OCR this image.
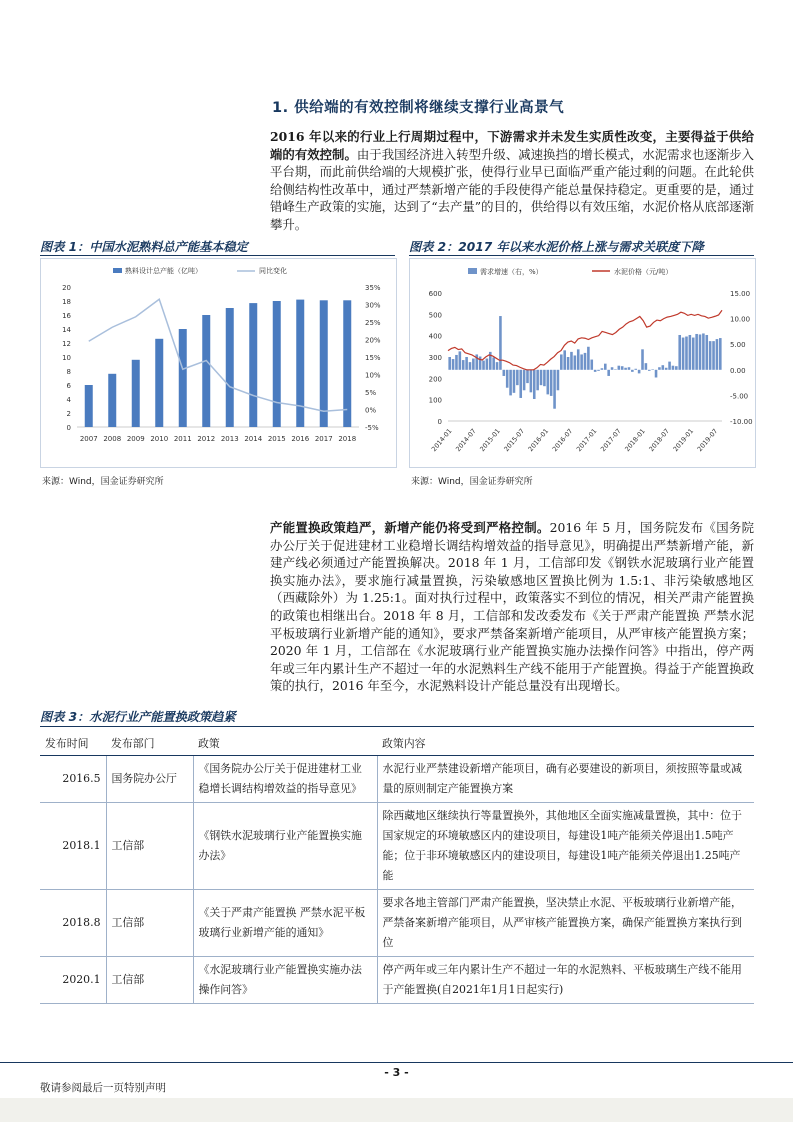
1. 供给端的有效控制将继续支撑行业高景气
2016 年以来的行业上行周期过程中，下游需求并未发生实质性改变，主要得益于供给端的有效控制。由于我国经济进入转型升级、减速换挡的增长模式，水泥需求也逐渐步入平台期，而此前供给端的大规模扩张，使得行业早已面临严重产能过剩的问题。在此轮供给侧结构性改革中，通过严禁新增产能的手段使得产能总量保持稳定。更重要的是，通过错峰生产政策的实施，达到了“去产量”的目的，供给得以有效压缩，水泥价格从底部逐渐攀升。
图表 1：中国水泥熟料总产能基本稳定
0
2
4
6
8
10
12
14
16
18
20
-5%
0%
5%
10%
15%
20%
25%
30%
35%
2007 2008 2009 2010 2011 2012 2013 2014 2015 2016 2017 2018
熟料设计总产能（亿吨）	同比变化
来源：Wind，国金证券研究所
图表 2：2017 年以来水泥价格上涨与需求关联度下降
0
100
200
300
400
500
600
-10.00
-5.00
0.00
5.00
10.00
15.00
2014-01 2014-07 2015-01 2015-07 2016-01 2016-07 2017-01 2017-07 2018-01 2018-07 2019-01 2019-07
需求增速（右，%）	水泥价格（元/吨）
来源：Wind，国金证券研究所
产能置换政策趋严，新增产能仍将受到严格控制。2016 年 5 月，国务院发布《国务院办公厅关于促进建材工业稳增长调结构增效益的指导意见》，明确提出严禁新增产能，新建产线必须通过产能置换解决。2018 年 1 月，工信部印发《钢铁水泥玻璃行业产能置换实施办法》，要求施行减量置换，污染敏感地区置换比例为 1.5:1、非污染敏感地区（西藏除外）为 1.25:1。面对执行过程中，政策落实不到位的情况，相关严肃产能置换的政策也相继出台。2018 年 8 月，工信部和发改委发布《关于严肃产能置换 严禁水泥平板玻璃行业新增产能的通知》，要求严禁备案新增产能项目，从严审核产能置换方案；2020 年 1 月，工信部在《水泥玻璃行业产能置换实施办法操作问答》中指出，停产两年或三年内累计生产不超过一年的水泥熟料生产线不能用于产能置换。得益于产能置换政策的执行，2016 年至今，水泥熟料设计产能总量没有出现增长。
图表 3：水泥行业产能置换政策趋紧
发布时间	发布部门	政策	政策内容
2016.5	国务院办公厅	《国务院办公厅关于促进建材工业稳增长调结构增效益的指导意见》	水泥行业严禁建设新增产能项目，确有必要建设的新项目，须按照等量或减量的原则制定产能置换方案
2018.1	工信部	《钢铁水泥玻璃行业产能置换实施办法》	除西藏地区继续执行等量置换外，其他地区全面实施减量置换，其中：位于国家规定的环境敏感区内的建设项目，每建设1吨产能须关停退出1.5吨产能；位于非环境敏感区内的建设项目，每建设1吨产能须关停退出1.25吨产能
2018.8	工信部	《关于严肃产能置换 严禁水泥平板玻璃行业新增产能的通知》	要求各地主管部门严肃产能置换，坚决禁止水泥、平板玻璃行业新增产能，严禁备案新增产能项目，从严审核产能置换方案，确保产能置换方案执行到位
2020.1	工信部	《水泥玻璃行业产能置换实施办法操作问答》	停产两年或三年内累计生产不超过一年的水泥熟料、平板玻璃生产线不能用于产能置换(自2021年1月1日起实行)
- 3 -
敬请参阅最后一页特别声明
